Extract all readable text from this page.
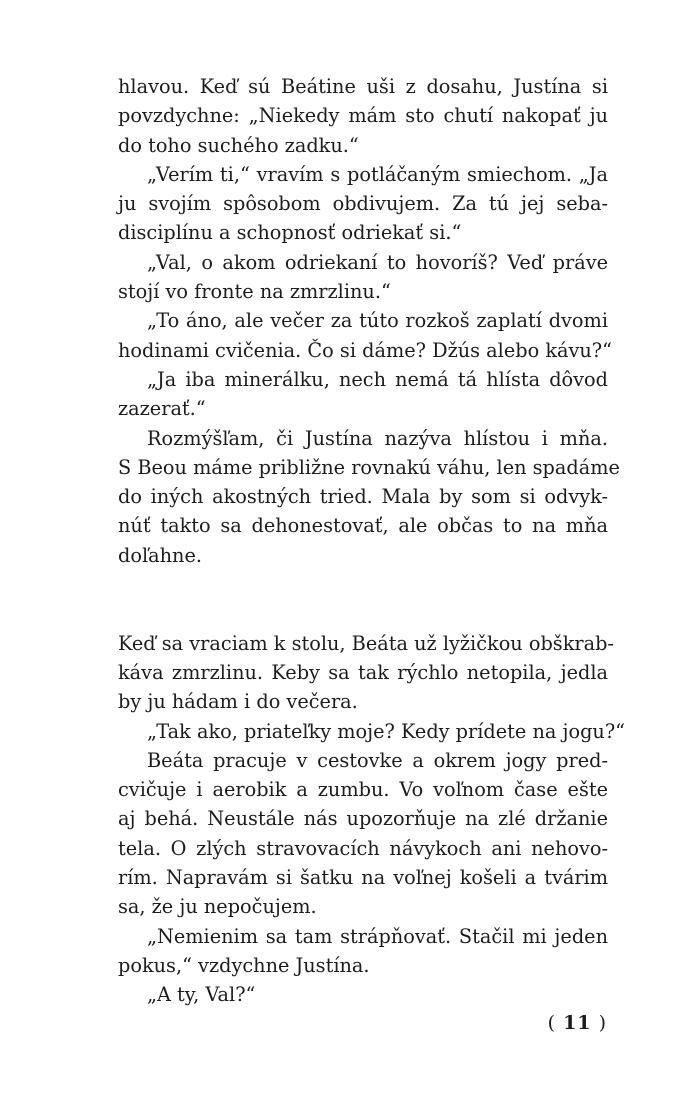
hlavou. Keď sú Beátine uši z dosahu, Justína si
povzdychne: „Niekedy mám sto chutí nakopať ju
do toho suchého zadku.“
„Verím ti,“ vravím s potláčaným smiechom. „Ja
ju svojím spôsobom obdivujem. Za tú jej seba-
disciplínu a schopnosť odriekať si.“
„Val, o akom odriekaní to hovoríš? Veď práve
stojí vo fronte na zmrzlinu.“
„To áno, ale večer za túto rozkoš zaplatí dvomi
hodinami cvičenia. Čo si dáme? Džús alebo kávu?“
„Ja iba minerálku, nech nemá tá hlísta dôvod
zazerať.“
Rozmýšľam, či Justína nazýva hlístou i mňa.
S Beou máme približne rovnakú váhu, len spadáme
do iných akostných tried. Mala by som si odvyk-
núť takto sa dehonestovať, ale občas to na mňa
doľahne.
Keď sa vraciam k stolu, Beáta už lyžičkou obškrab-
káva zmrzlinu. Keby sa tak rýchlo netopila, jedla
by ju hádam i do večera.
„Tak ako, priateľky moje? Kedy prídete na jogu?“
Beáta pracuje v cestovke a okrem jogy pred-
cvičuje i aerobik a zumbu. Vo voľnom čase ešte
aj behá. Neustále nás upozorňuje na zlé držanie
tela. O zlých stravovacích návykoch ani nehovo-
rím. Napravám si šatku na voľnej košeli a tvárim
sa, že ju nepočujem.
„Nemienim sa tam strápňovať. Stačil mi jeden
pokus,“ vzdychne Justína.
„A ty, Val?“
( 11 )
